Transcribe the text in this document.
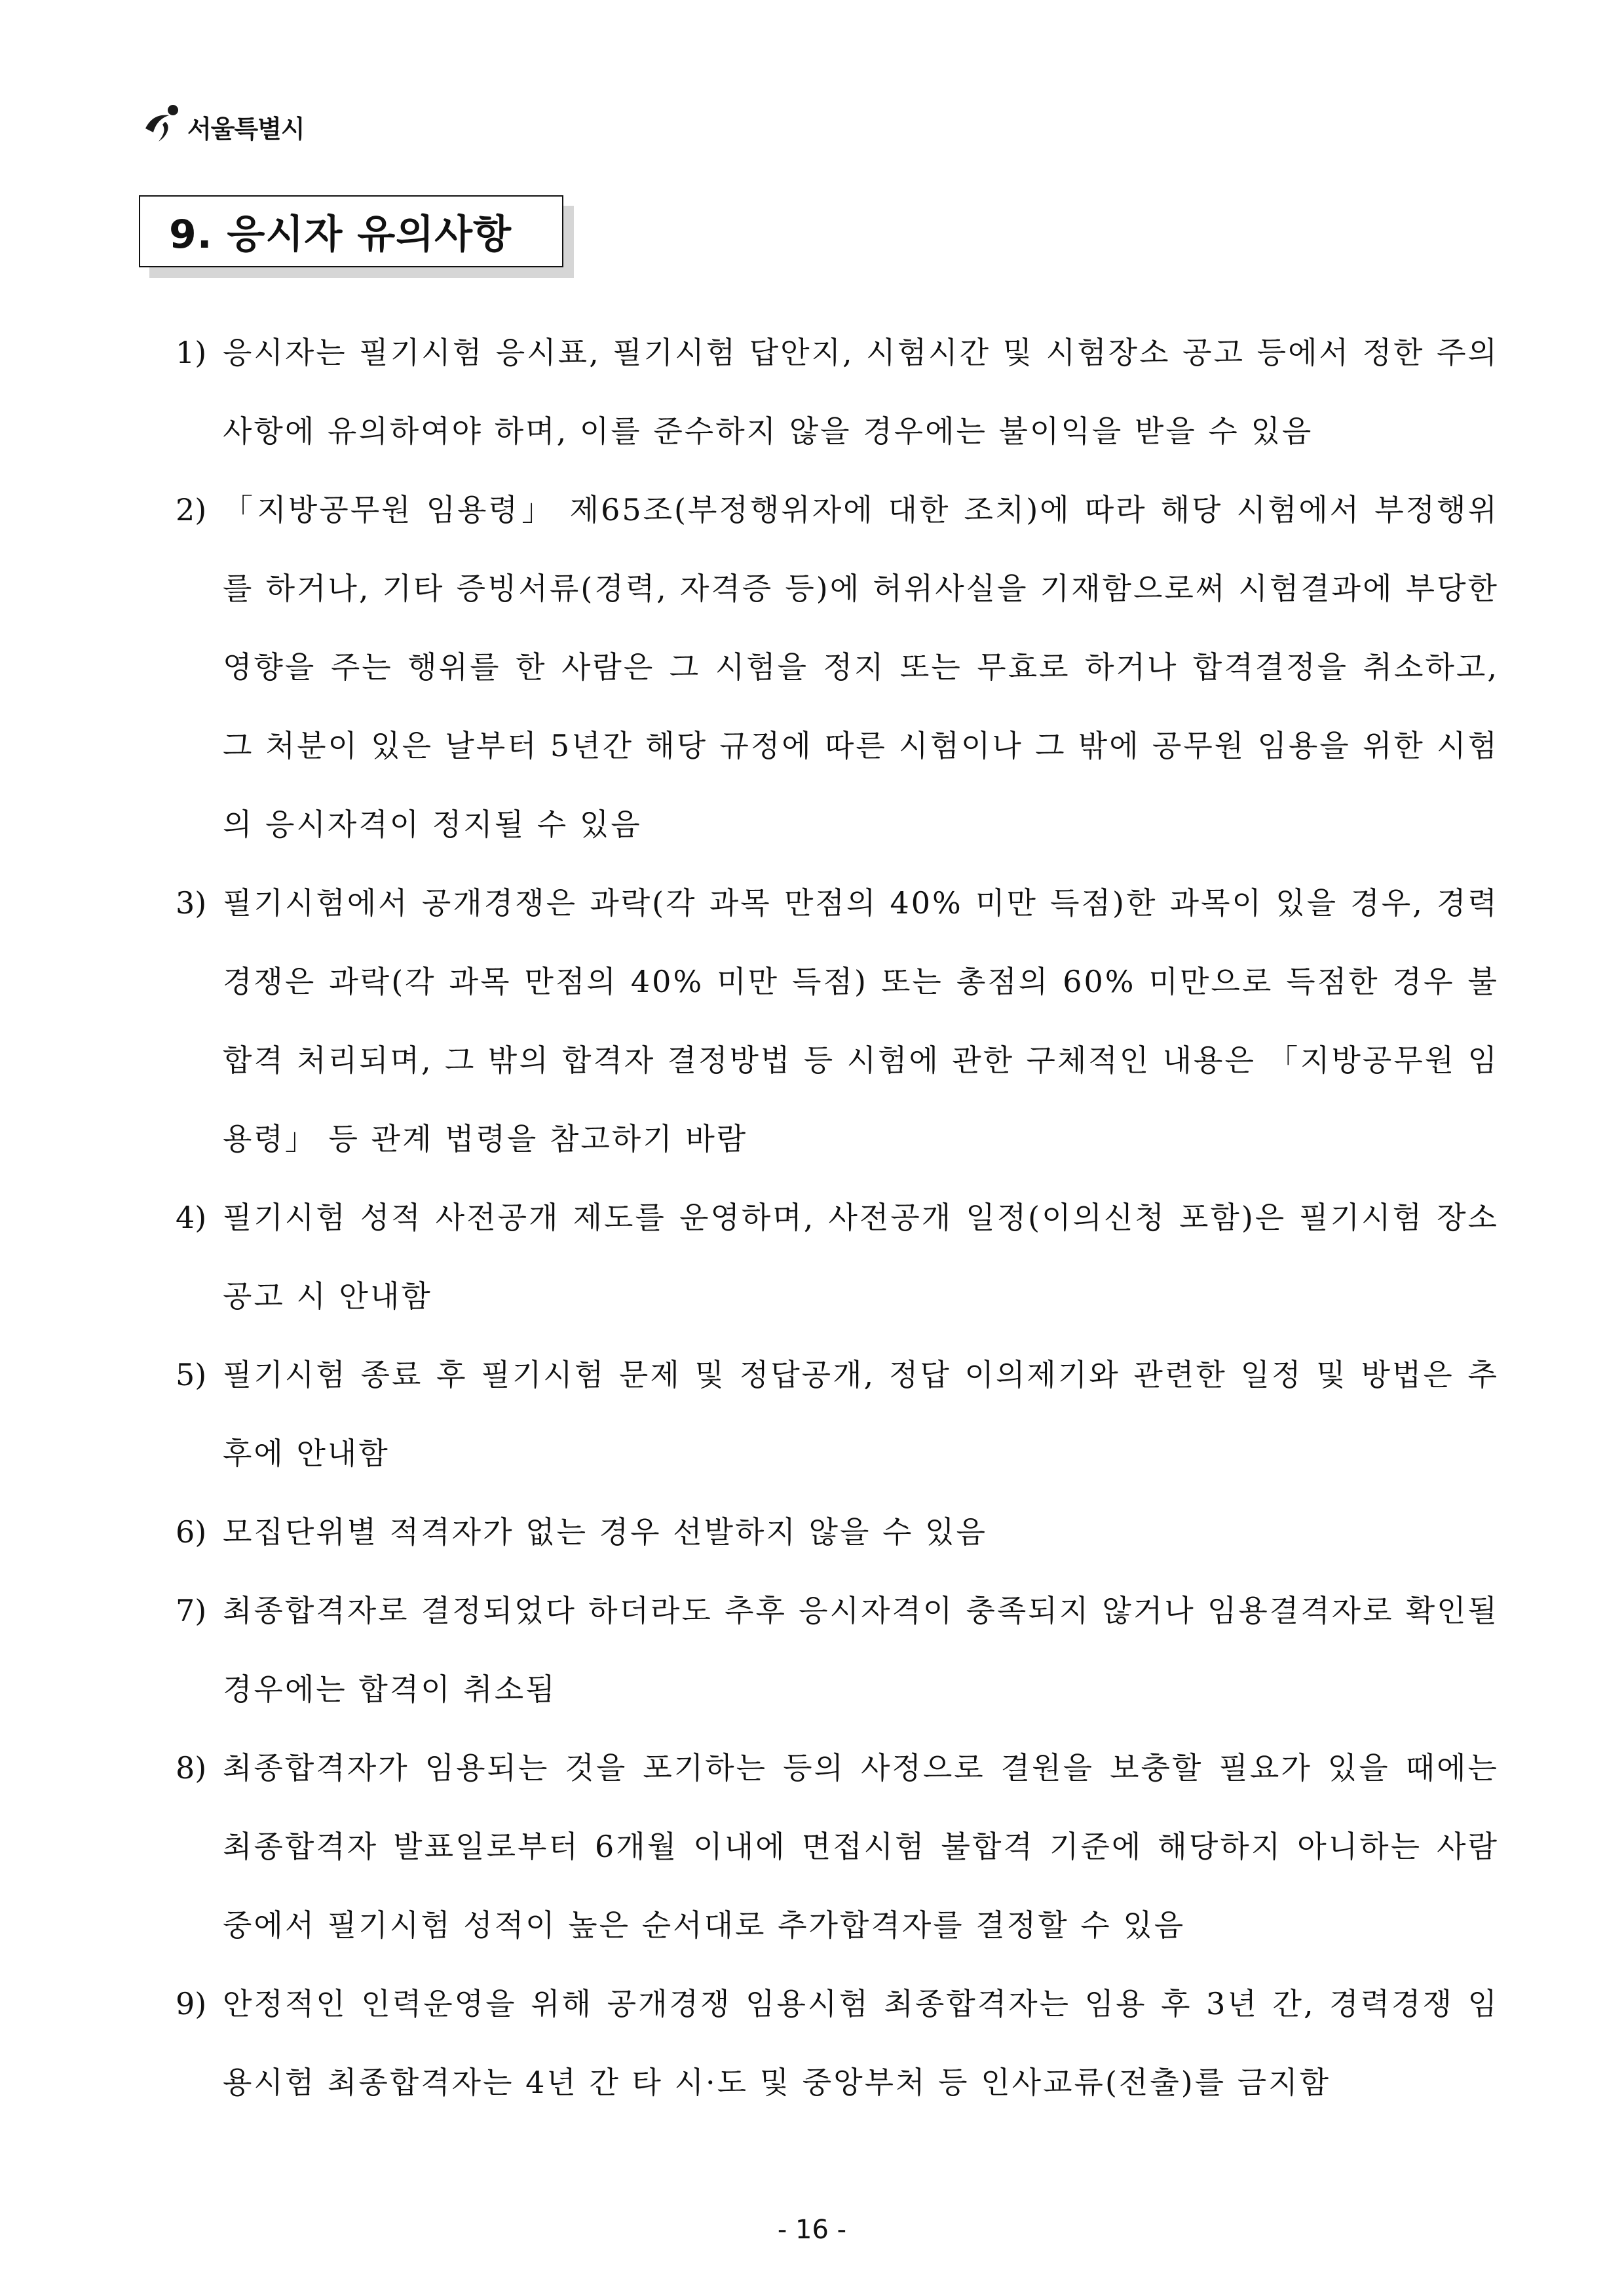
서울특별시
9. 응시자 유의사항
1) 응시자는 필기시험 응시표, 필기시험 답안지, 시험시간 및 시험장소 공고 등에서 정한 주의사항에 유의하여야 하며, 이를 준수하지 않을 경우에는 불이익을 받을 수 있음
2) 「지방공무원 임용령」 제65조(부정행위자에 대한 조치)에 따라 해당 시험에서 부정행위를 하거나, 기타 증빙서류(경력, 자격증 등)에 허위사실을 기재함으로써 시험결과에 부당한 영향을 주는 행위를 한 사람은 그 시험을 정지 또는 무효로 하거나 합격결정을 취소하고, 그 처분이 있은 날부터 5년간 해당 규정에 따른 시험이나 그 밖에 공무원 임용을 위한 시험의 응시자격이 정지될 수 있음
3) 필기시험에서 공개경쟁은 과락(각 과목 만점의 40% 미만 득점)한 과목이 있을 경우, 경력경쟁은 과락(각 과목 만점의 40% 미만 득점) 또는 총점의 60% 미만으로 득점한 경우 불합격 처리되며, 그 밖의 합격자 결정방법 등 시험에 관한 구체적인 내용은 「지방공무원 임용령」 등 관계 법령을 참고하기 바람
4) 필기시험 성적 사전공개 제도를 운영하며, 사전공개 일정(이의신청 포함)은 필기시험 장소 공고 시 안내함
5) 필기시험 종료 후 필기시험 문제 및 정답공개, 정답 이의제기와 관련한 일정 및 방법은 추후에 안내함
6) 모집단위별 적격자가 없는 경우 선발하지 않을 수 있음
7) 최종합격자로 결정되었다 하더라도 추후 응시자격이 충족되지 않거나 임용결격자로 확인될 경우에는 합격이 취소됨
8) 최종합격자가 임용되는 것을 포기하는 등의 사정으로 결원을 보충할 필요가 있을 때에는 최종합격자 발표일로부터 6개월 이내에 면접시험 불합격 기준에 해당하지 아니하는 사람 중에서 필기시험 성적이 높은 순서대로 추가합격자를 결정할 수 있음
9) 안정적인 인력운영을 위해 공개경쟁 임용시험 최종합격자는 임용 후 3년 간, 경력경쟁 임용시험 최종합격자는 4년 간 타 시·도 및 중앙부처 등 인사교류(전출)를 금지함
- 16 -
